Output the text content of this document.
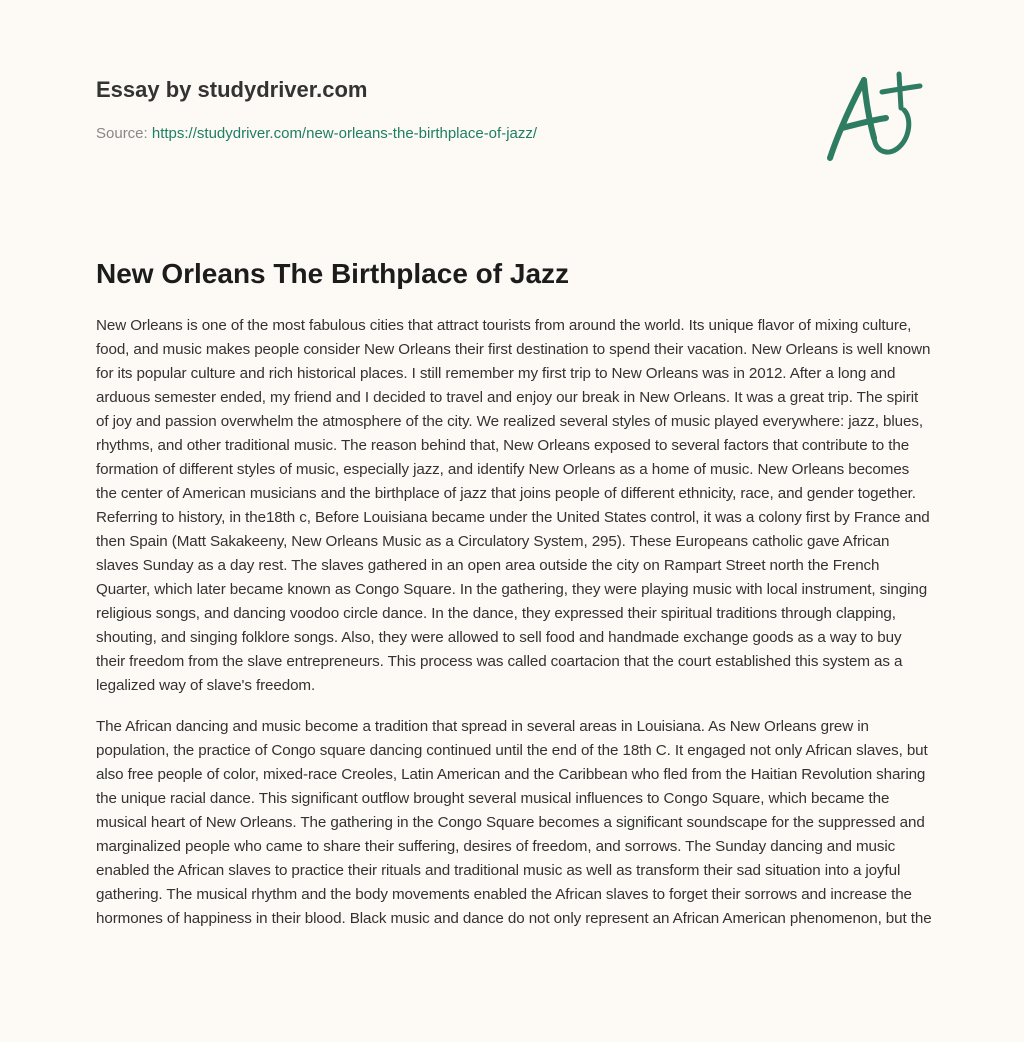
Essay by studydriver.com
Source: https://studydriver.com/new-orleans-the-birthplace-of-jazz/
New Orleans The Birthplace of Jazz

New Orleans is one of the most fabulous cities that attract tourists from around the world. Its unique flavor of mixing culture, food, and music makes people consider New Orleans their first destination to spend their vacation. New Orleans is well known for its popular culture and rich historical places. I still remember my first trip to New Orleans was in 2012. After a long and arduous semester ended, my friend and I decided to travel and enjoy our break in New Orleans. It was a great trip. The spirit of joy and passion overwhelm the atmosphere of the city. We realized several styles of music played everywhere: jazz, blues, rhythms, and other traditional music. The reason behind that, New Orleans exposed to several factors that contribute to the formation of different styles of music, especially jazz, and identify New Orleans as a home of music. New Orleans becomes the center of American musicians and the birthplace of jazz that joins people of different ethnicity, race, and gender together. Referring to history, in the18th c, Before Louisiana became under the United States control, it was a colony first by France and then Spain (Matt Sakakeeny, New Orleans Music as a Circulatory System, 295). These Europeans catholic gave African slaves Sunday as a day rest. The slaves gathered in an open area outside the city on Rampart Street north the French Quarter, which later became known as Congo Square. In the gathering, they were playing music with local instrument, singing religious songs, and dancing voodoo circle dance. In the dance, they expressed their spiritual traditions through clapping, shouting, and singing folklore songs. Also, they were allowed to sell food and handmade exchange goods as a way to buy their freedom from the slave entrepreneurs. This process was called coartacion that the court established this system as a legalized way of slave's freedom.

The African dancing and music become a tradition that spread in several areas in Louisiana. As New Orleans grew in population, the practice of Congo square dancing continued until the end of the 18th C. It engaged not only African slaves, but also free people of color, mixed-race Creoles, Latin American and the Caribbean who fled from the Haitian Revolution sharing the unique racial dance. This significant outflow brought several musical influences to Congo Square, which became the musical heart of New Orleans. The gathering in the Congo Square becomes a significant soundscape for the suppressed and marginalized people who came to share their suffering, desires of freedom, and sorrows. The Sunday dancing and music enabled the African slaves to practice their rituals and traditional music as well as transform their sad situation into a joyful gathering. The musical rhythm and the body movements enabled the African slaves to forget their sorrows and increase the hormones of happiness in their blood. Black music and dance do not only represent an African American phenomenon, but the
